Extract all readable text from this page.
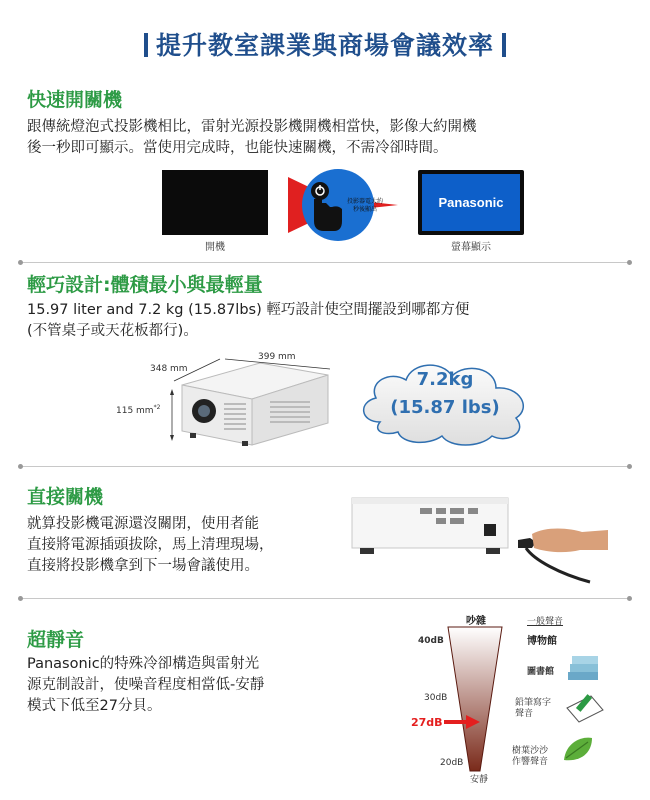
提升教室課業與商場會議效率
快速開關機
跟傳統燈泡式投影機相比，雷射光源投影機開機相當快，影像大約開機
後一秒即可顯示。當使用完成時，也能快速關機，不需冷卻時間。
開機
投影器電大約
秒後顯出	Panasonic
螢幕顯示
輕巧設計:體積最小與最輕量
15.97 liter and 7.2 kg (15.87lbs) 輕巧設計使空間擺設到哪都方便
(不管桌子或天花板都行)。
348 mm
399 mm
115 $mm^{*2}$
7.2kg
(15.87 lbs)
直接關機
就算投影機電源還沒關閉，使用者能
直接將電源插頭拔除，馬上清理現場，
直接將投影機拿到下一場會議使用。
超靜音
Panasonic的特殊冷卻構造與雷射光
源克制設計，使噪音程度相當低-安靜
模式下低至27分貝。
吵雜
安靜
一般聲音
40dB
30dB
27dB
20dB
博物館
圖書館
鉛筆寫字
聲音
樹葉沙沙
作響聲音
